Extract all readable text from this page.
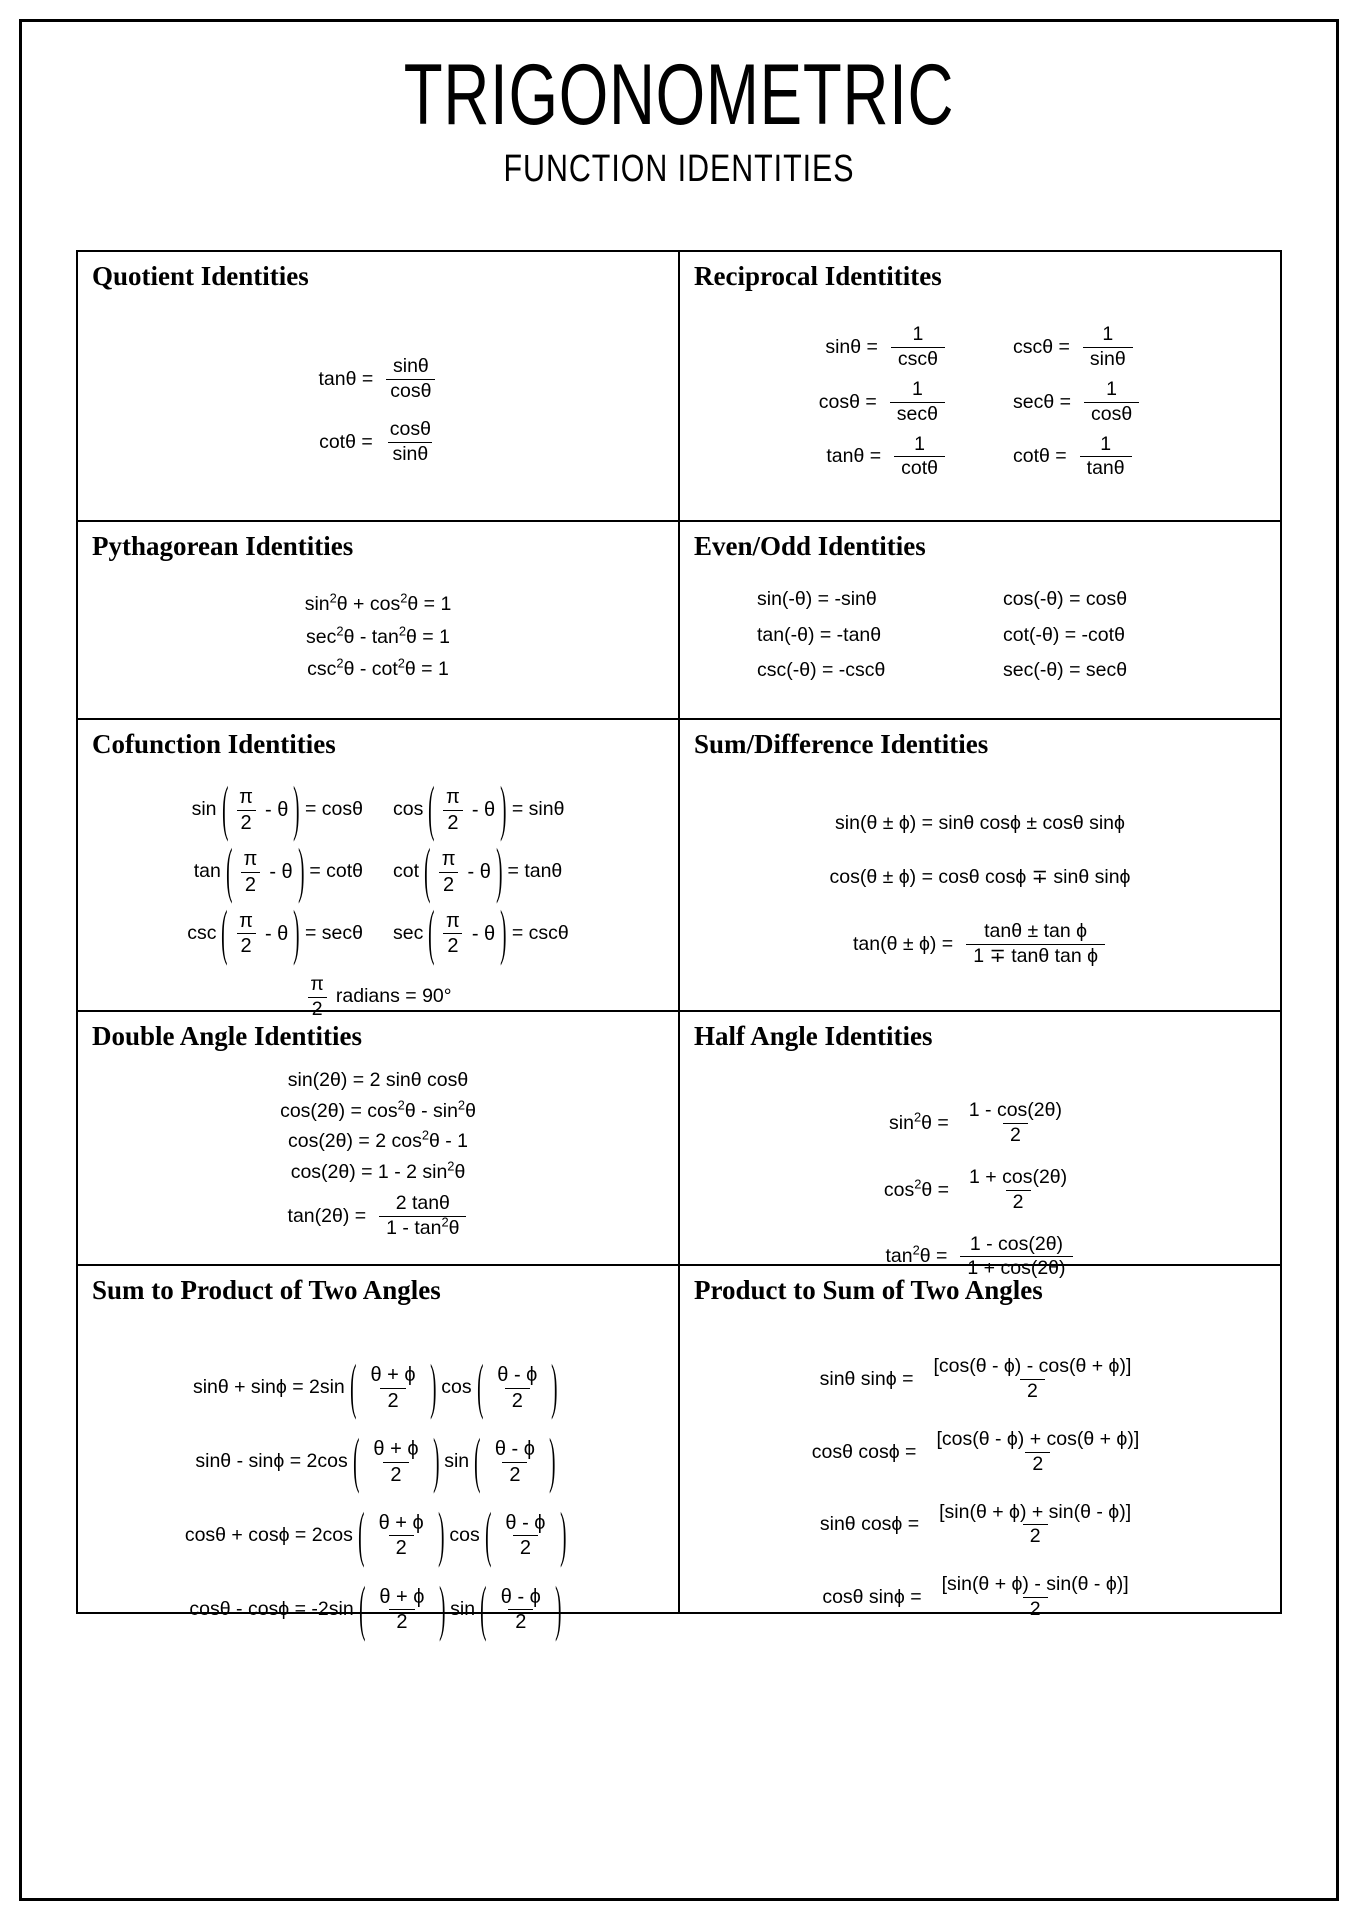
TRIGONOMETRIC
FUNCTION IDENTITIES
Quotient Identities
$\tan\theta = \frac{\sin\theta}{\cos\theta}$
$\cot\theta = \frac{\cos\theta}{\sin\theta}$

Reciprocal Identitites
$\sin\theta = \frac{1}{\csc\theta}$	$\csc\theta = \frac{1}{\sin\theta}$
$\cos\theta = \frac{1}{\sec\theta}$	$\sec\theta = \frac{1}{\cos\theta}$
$\tan\theta = \frac{1}{\cot\theta}$	$\cot\theta = \frac{1}{\tan\theta}$

Pythagorean Identities
$\sin^2\theta + \cos^2\theta = 1$
$\sec^2\theta - \tan^2\theta = 1$
$\csc^2\theta - \cot^2\theta = 1$

Even/Odd Identities
sin(-θ) = -sinθ	cos(-θ) = cosθ
tan(-θ) = -tanθ	cot(-θ) = -cotθ
csc(-θ) = -cscθ	sec(-θ) = secθ

Cofunction Identities
sin ( $\frac{\pi}{2}$ - θ ) = cosθ cos ( $\frac{\pi}{2}$ - θ ) = sinθ
tan ( $\frac{\pi}{2}$ - θ ) = cotθ cot ( $\frac{\pi}{2}$ - θ ) = tanθ
csc ( $\frac{\pi}{2}$ - θ ) = secθ sec ( $\frac{\pi}{2}$ - θ ) = cscθ
$\frac{\pi}{2}$ radians = 90°

Sum/Difference Identities
sin(θ ± ϕ) = sinθ cosϕ ± cosθ sinϕ
cos(θ ± ϕ) = cosθ cosϕ ∓ sinθ sinϕ
$\tan(\theta \pm \phi) = \frac{\text{tanθ ± tan ϕ}}{\text{1 ∓ tanθ tan ϕ}}$

Double Angle Identities
sin(2θ) = 2 sinθ cosθ
$\cos(2\theta) = \cos^2\theta - \sin^2\theta$
cos(2θ) = 2 $\cos^2\theta - 1$
cos(2θ) = 1 - 2 $\sin^2\theta$
$\tan(2\theta) = \frac{2 \tan\theta}{1 - \tan^2\theta}$

Half Angle Identities
$\sin^2\theta = \frac{1 - \cos(2\theta)}{2}$
$\cos^2\theta = \frac{1 + \cos(2\theta)}{2}$
$\tan^2\theta = \frac{1 - \cos(2\theta)}{1 + \cos(2\theta)}$

Sum to Product of Two Angles
sinθ + sinϕ = 2sin ( $\frac{\theta + \phi}{2}$ ) cos ( $\frac{\theta - \phi}{2}$ )
sinθ - sinϕ = 2cos ( $\frac{\theta + \phi}{2}$ ) sin ( $\frac{\theta - \phi}{2}$ )
cosθ + cosϕ = 2cos ( $\frac{\theta + \phi}{2}$ ) cos ( $\frac{\theta - \phi}{2}$ )
cosθ - cosϕ = -2sin ( $\frac{\theta + \phi}{2}$ ) sin ( $\frac{\theta - \phi}{2}$ )

Product to Sum of Two Angles
sinθ $\sin\phi = \frac{[\cos(\theta - \phi) - \cos(\theta + \phi)]}{2}$
cosθ $\cos\phi = \frac{[\cos(\theta - \phi) + \cos(\theta + \phi)]}{2}$
sinθ $\cos\phi = \frac{[\sin(\theta + \phi) + \sin(\theta - \phi)]}{2}$
cosθ $\sin\phi = \frac{[\sin(\theta + \phi) - \sin(\theta - \phi)]}{2}$
